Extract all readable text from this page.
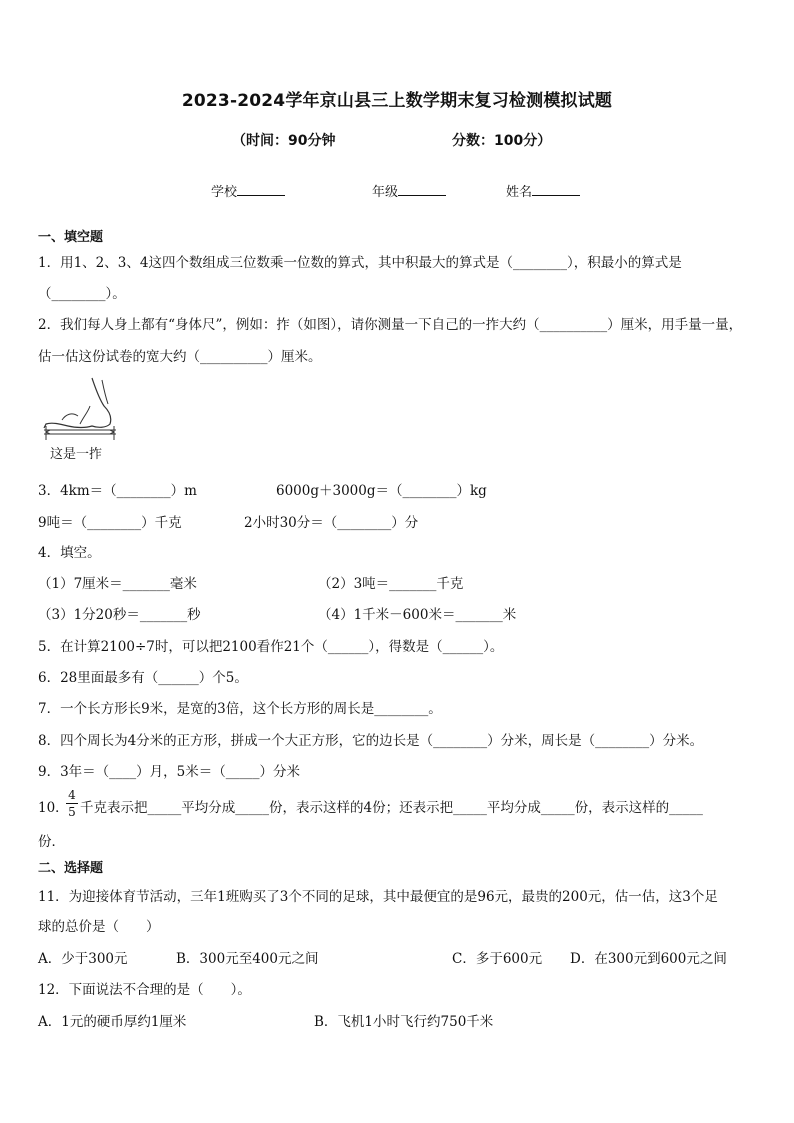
2023-2024学年京山县三上数学期末复习检测模拟试题
（时间：90分钟	分数：100分）
学校	年级	姓名
一、填空题
1．用1、2、3、4这四个数组成三位数乘一位数的算式，其中积最大的算式是（________），积最小的算式是
（________）。
2．我们每人身上都有“身体尺”，例如：拃（如图），请你测量一下自己的一拃大约（__________）厘米，用手量一量，
估一估这份试卷的宽大约（__________）厘米。
这是一拃
3．4km＝（________）m	6000g＋3000g＝（________）kg
9吨＝（________）千克	2小时30分＝（________）分
4．填空。
（1）7厘米＝_______毫米	（2）3吨＝_______千克
（3）1分20秒＝_______秒	（4）1千米－600米＝_______米
5．在计算2100÷7时，可以把2100看作21个（______），得数是（______）。
6．28里面最多有（______）个5。
7．一个长方形长9米，是宽的3倍，这个长方形的周长是________。
8．四个周长为4分米的正方形，拼成一个大正方形，它的边长是（________）分米，周长是（________）分米。
9．3年＝（____）月，5米＝（_____）分米
10．
4
5 千克表示把_____平均分成_____份，表示这样的4份；还表示把_____平均分成_____份，表示这样的_____
份．
二、选择题
11．为迎接体育节活动，三年1班购买了3个不同的足球，其中最便宜的是96元，最贵的200元，估一估，这3个足
球的总价是（　　）
A．少于300元	B．300元至400元之间	C．多于600元 D．在300元到600元之间
12．下面说法不合理的是（　　）。
A．1元的硬币厚约1厘米	B．飞机1小时飞行约750千米
